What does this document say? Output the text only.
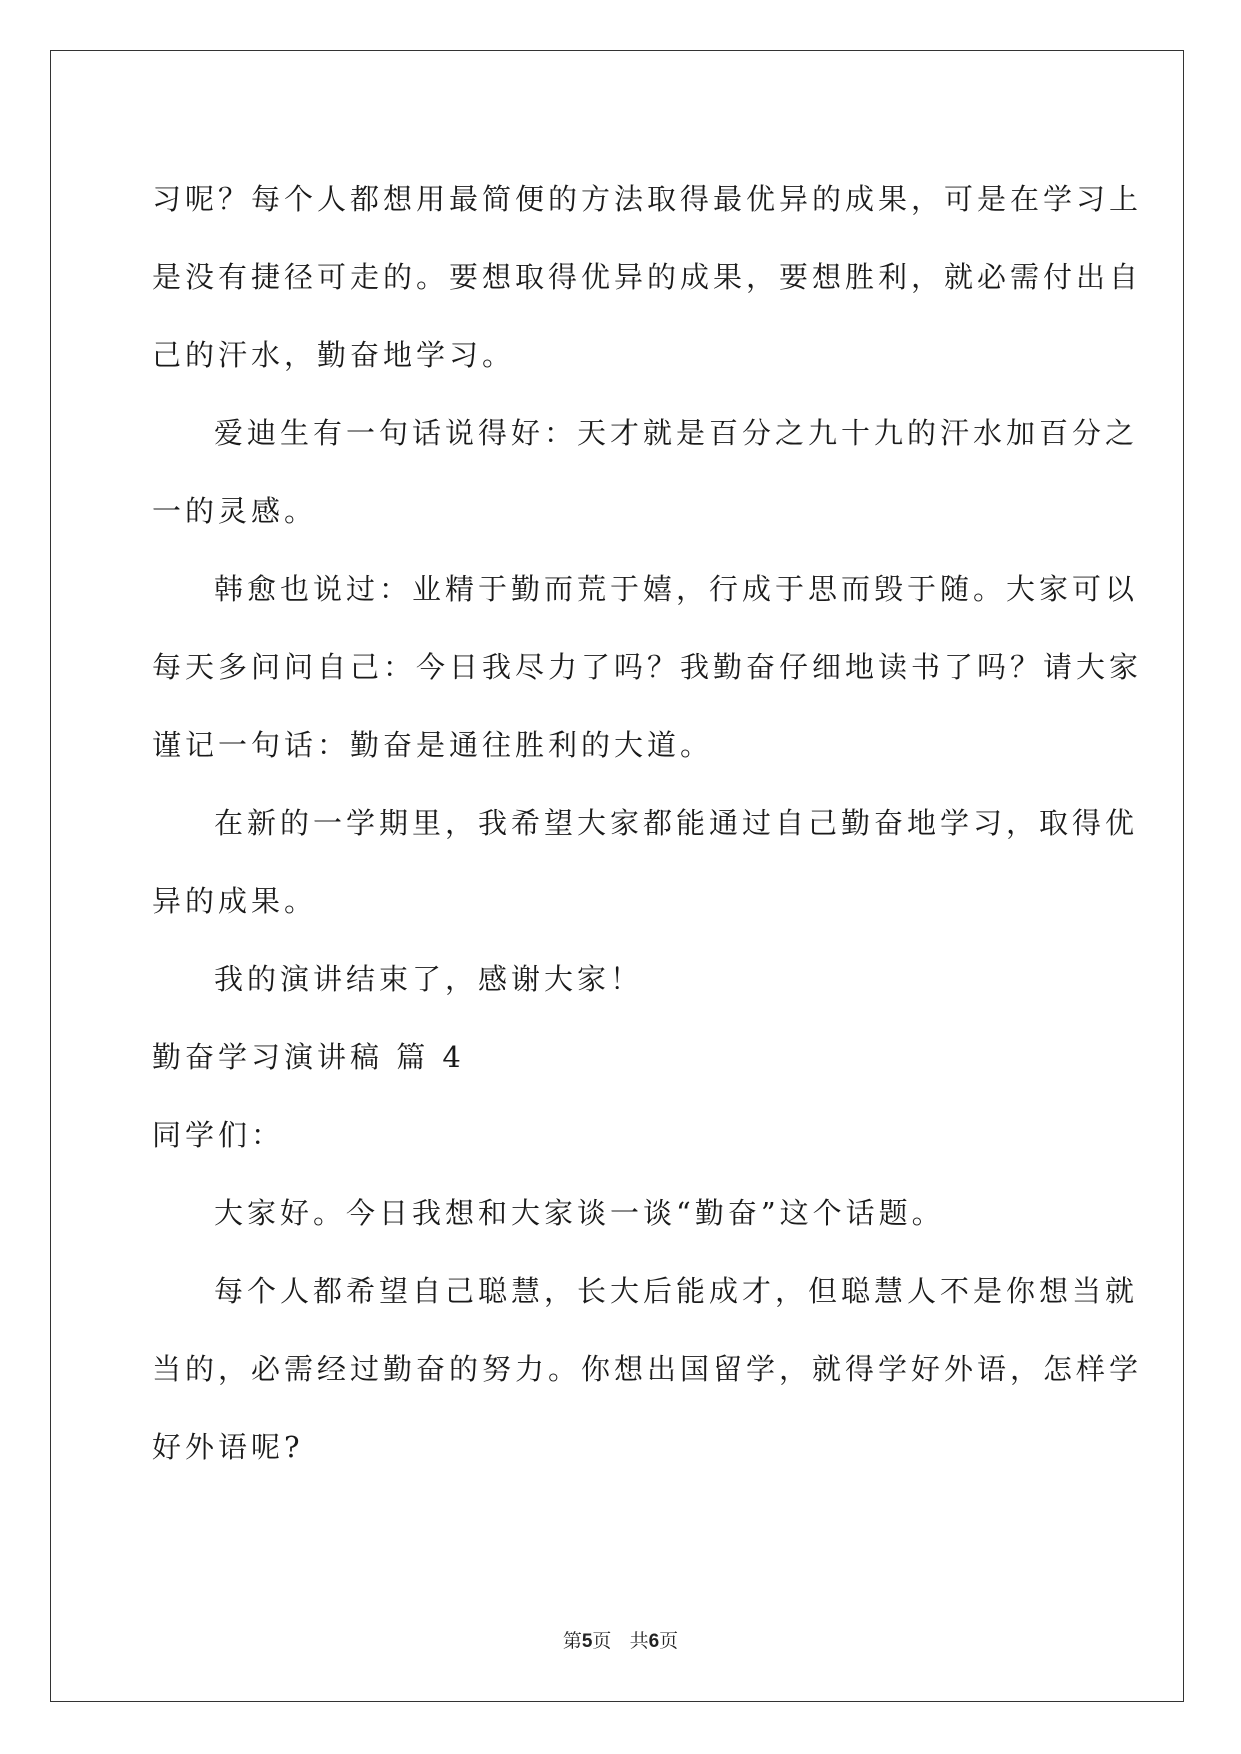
习呢？每个人都想用最简便的方法取得最优异的成果，可是在学习上
是没有捷径可走的。要想取得优异的成果，要想胜利，就必需付出自
己的汗水，勤奋地学习。
爱迪生有一句话说得好：天才就是百分之九十九的汗水加百分之
一的灵感。
韩愈也说过：业精于勤而荒于嬉，行成于思而毁于随。大家可以
每天多问问自己：今日我尽力了吗？我勤奋仔细地读书了吗？请大家
谨记一句话：勤奋是通往胜利的大道。
在新的一学期里，我希望大家都能通过自己勤奋地学习，取得优
异的成果。
我的演讲结束了，感谢大家！
勤奋学习演讲稿 篇 4
同学们：
大家好。今日我想和大家谈一谈“勤奋”这个话题。
每个人都希望自己聪慧，长大后能成才，但聪慧人不是你想当就
当的，必需经过勤奋的努力。你想出国留学，就得学好外语，怎样学
好外语呢?
第5页 共6页
